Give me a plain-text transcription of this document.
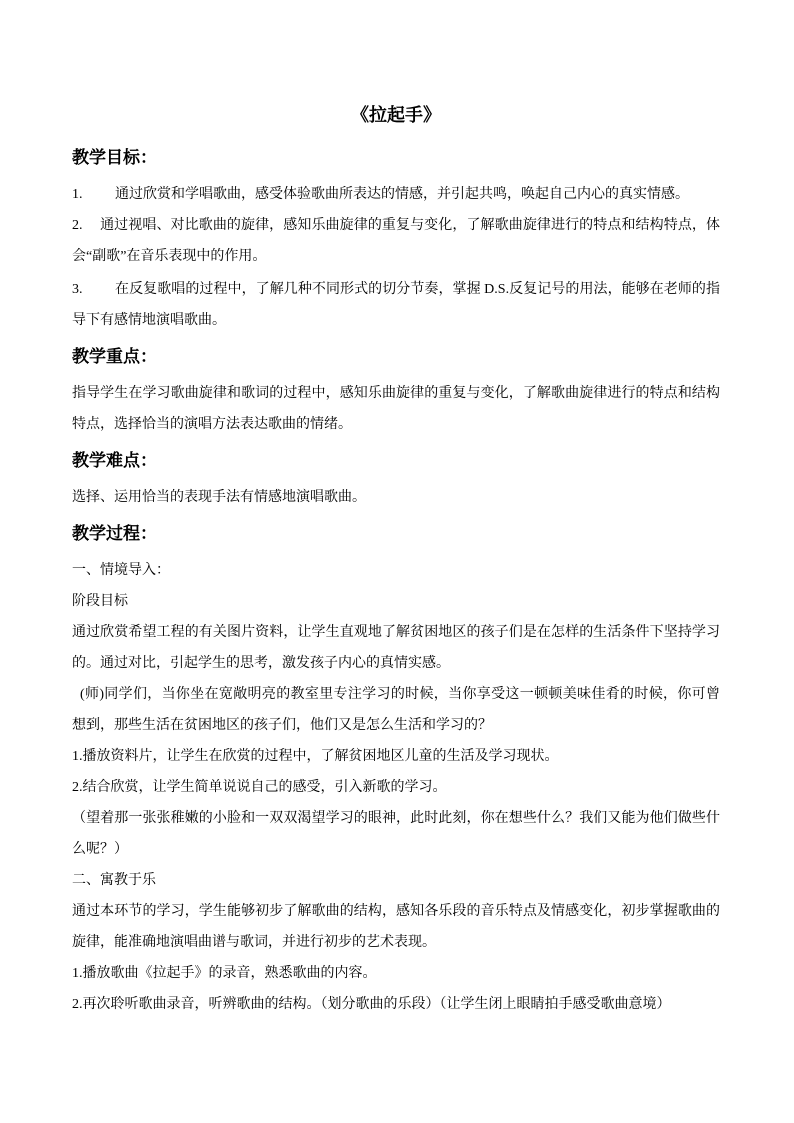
《拉起手》
教学目标：
1. 通过欣赏和学唱歌曲，感受体验歌曲所表达的情感，并引起共鸣，唤起自己内心的真实情感。
2. 通过视唱、对比歌曲的旋律，感知乐曲旋律的重复与变化，了解歌曲旋律进行的特点和结构特点，体
会“副歌”在音乐表现中的作用。
3. 在反复歌唱的过程中，了解几种不同形式的切分节奏，掌握 D.S.反复记号的用法，能够在老师的指
导下有感情地演唱歌曲。
教学重点：
指导学生在学习歌曲旋律和歌词的过程中，感知乐曲旋律的重复与变化，了解歌曲旋律进行的特点和结构
特点，选择恰当的演唱方法表达歌曲的情绪。
教学难点：
选择、运用恰当的表现手法有情感地演唱歌曲。
教学过程：
一、情境导入：
阶段目标
通过欣赏希望工程的有关图片资料，让学生直观地了解贫困地区的孩子们是在怎样的生活条件下坚持学习
的。通过对比，引起学生的思考，激发孩子内心的真情实感。
(师)同学们，当你坐在宽敞明亮的教室里专注学习的时候，当你享受这一顿顿美味佳肴的时候，你可曾
想到，那些生活在贫困地区的孩子们，他们又是怎么生活和学习的？
1.播放资料片，让学生在欣赏的过程中，了解贫困地区儿童的生活及学习现状。
2.结合欣赏，让学生简单说说自己的感受，引入新歌的学习。
（望着那一张张稚嫩的小脸和一双双渴望学习的眼神，此时此刻，你在想些什么？我们又能为他们做些什
么呢？）
二、寓教于乐
通过本环节的学习，学生能够初步了解歌曲的结构，感知各乐段的音乐特点及情感变化，初步掌握歌曲的
旋律，能准确地演唱曲谱与歌词，并进行初步的艺术表现。
1.播放歌曲《拉起手》的录音，熟悉歌曲的内容。
2.再次聆听歌曲录音，听辨歌曲的结构。（划分歌曲的乐段）（让学生闭上眼睛拍手感受歌曲意境）
